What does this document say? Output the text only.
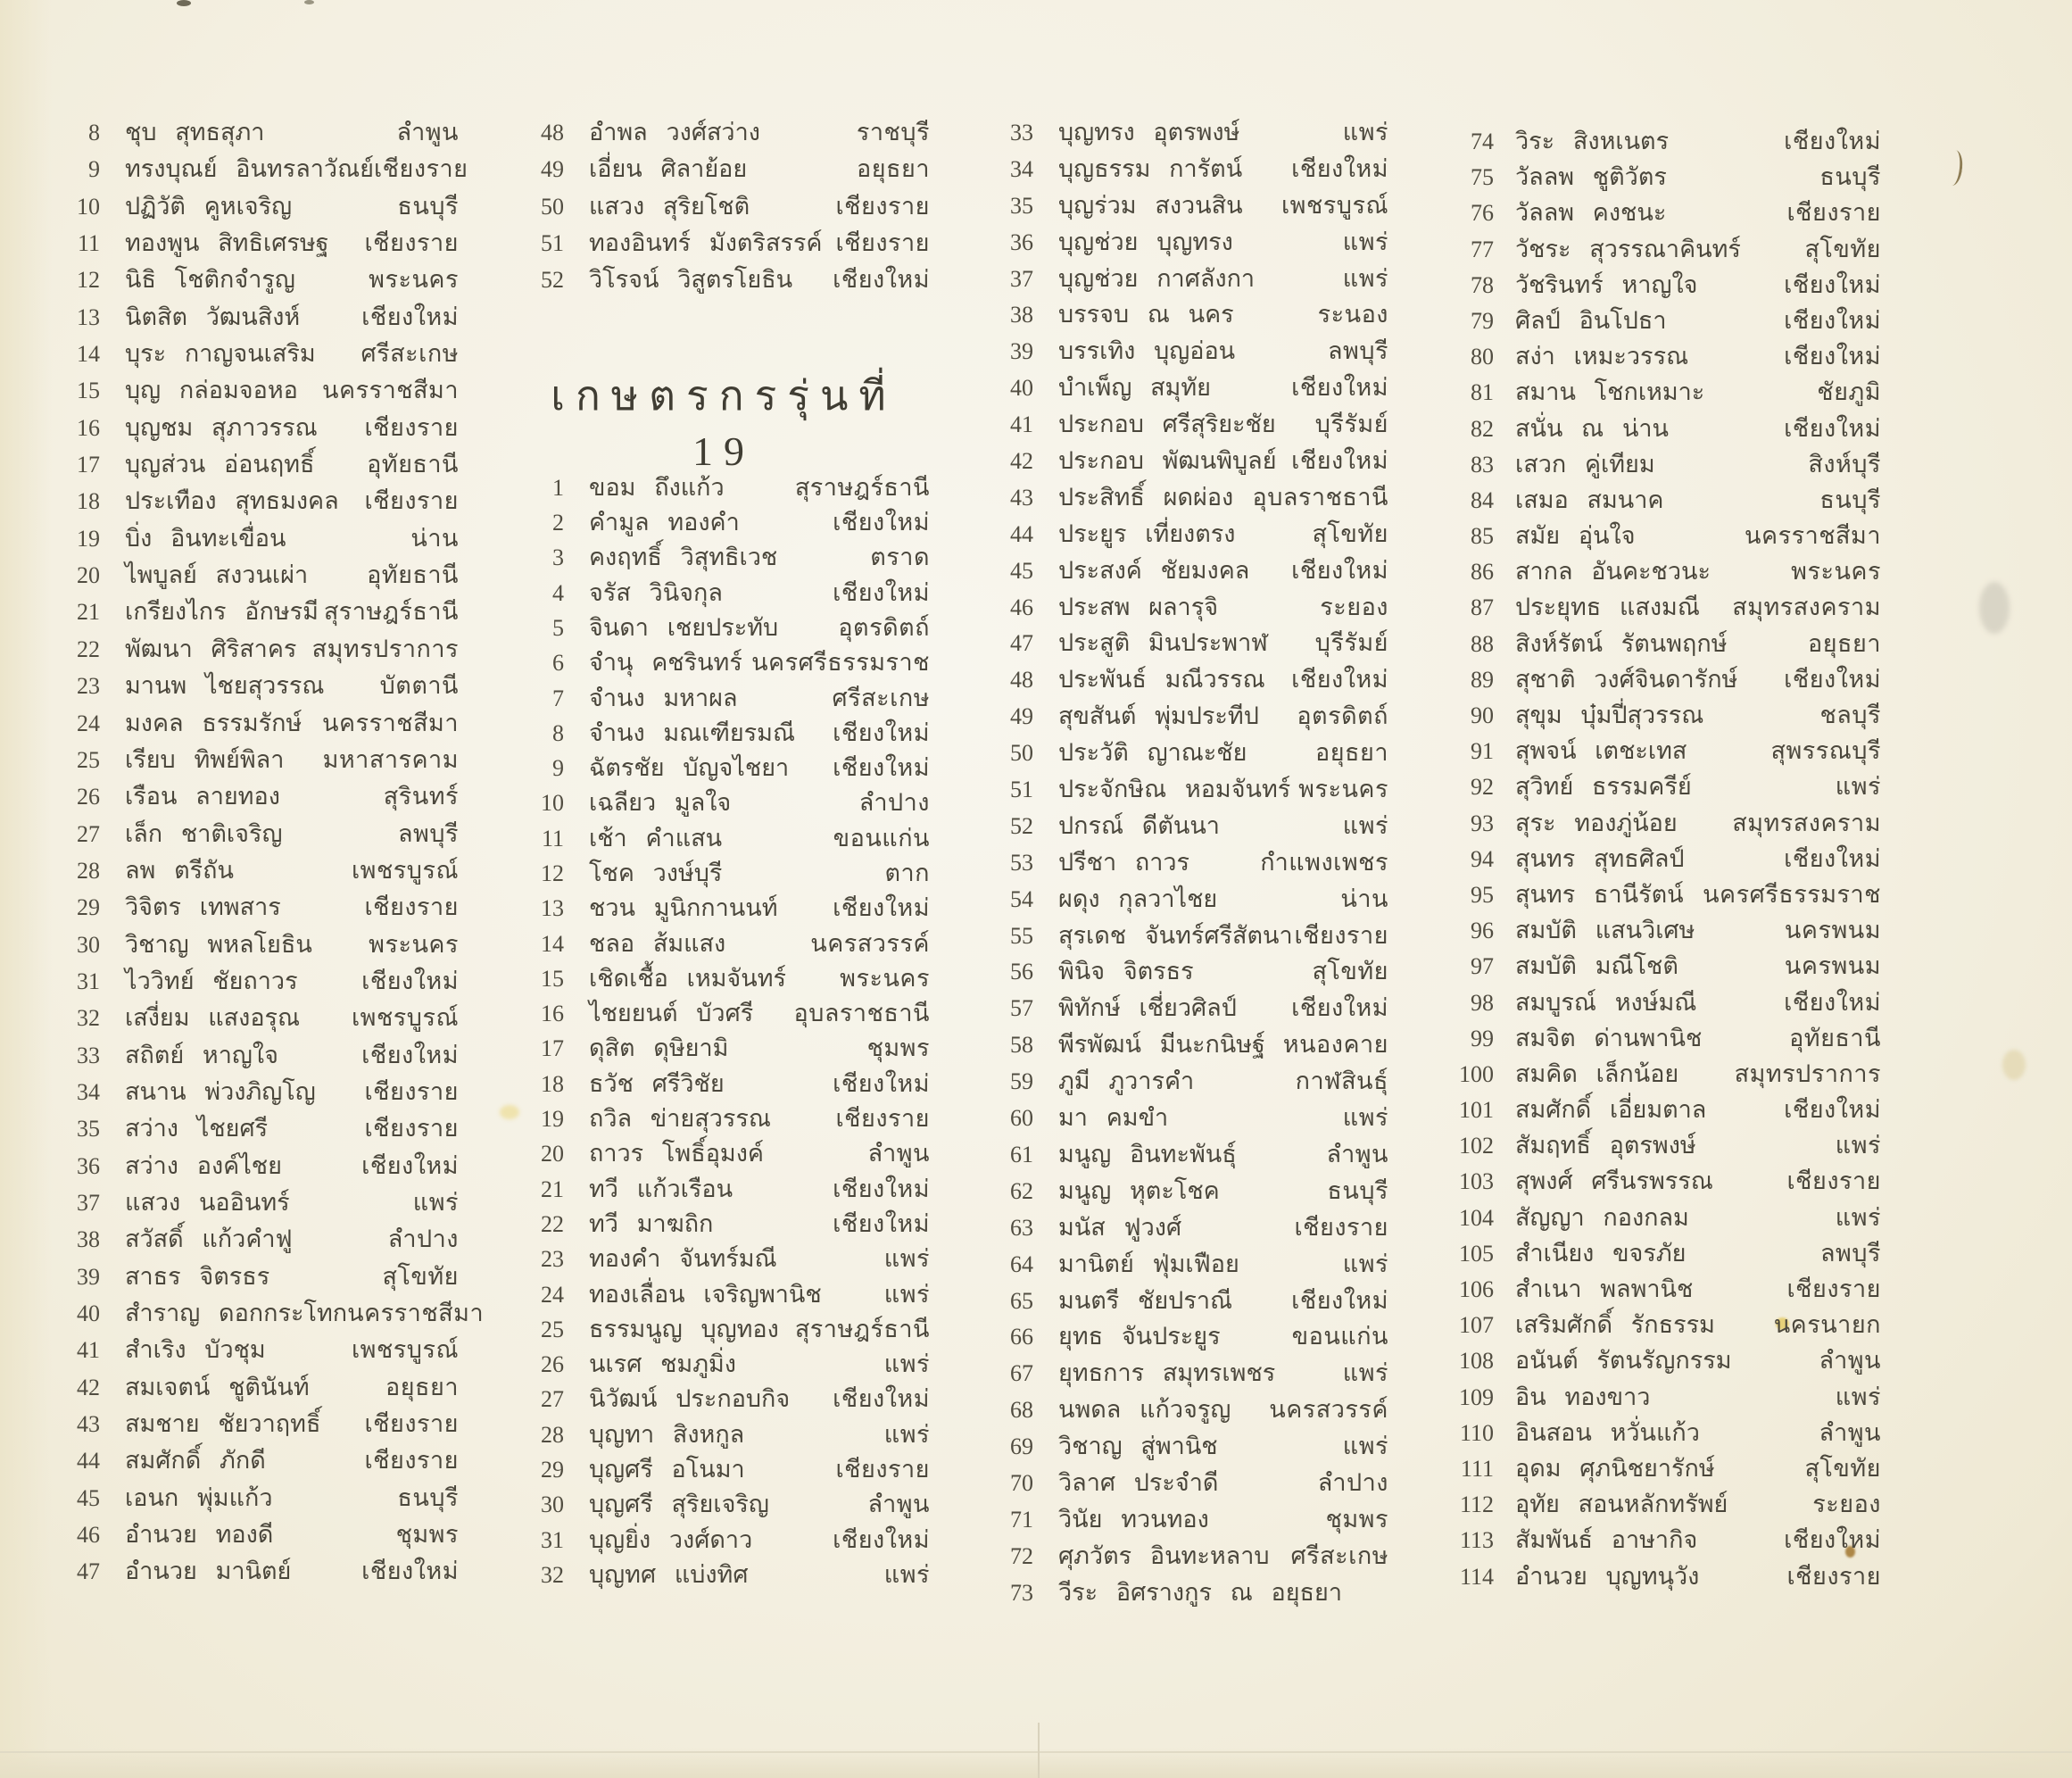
8 ชุบ สุทธสุภา	ลำพูน
9 ทรงบุณย์ อินทรลาวัณย์ เชียงราย
10 ปฏิวัติ คูหเจริญ	ธนบุรี
11 ทองพูน สิทธิเศรษฐ	เชียงราย
12 นิธิ โชติกจำรูญ	พระนคร
13 นิตสิต วัฒนสิงห์	เชียงใหม่
14 บุระ กาญจนเสริม	ศรีสะเกษ
15 บุญ กล่อมจอหอ	นครราชสีมา
16 บุญชม สุภาวรรณ	เชียงราย
17 บุญส่วน อ่อนฤทธิ์	อุทัยธานี
18 ประเทือง สุทธมงคล	เชียงราย
19 บิ่ง อินทะเขื่อน	น่าน
20 ไพบูลย์ สงวนเผ่า	อุทัยธานี
21 เกรียงไกร อักษรมี สุราษฎร์ธานี
22 พัฒนา ศิริสาคร สมุทรปราการ
23 มานพ ไชยสุวรรณ	บัตตานี
24 มงคล ธรรมรักษ์ นครราชสีมา
25 เรียบ ทิพย์พิลา	มหาสารคาม
26 เรือน ลายทอง	สุรินทร์
27 เล็ก ชาติเจริญ	ลพบุรี
28 ลพ ตรีถัน	เพชรบูรณ์
29 วิจิตร เทพสาร	เชียงราย
30 วิชาญ พหลโยธิน	พระนคร
31 ไววิทย์ ชัยถาวร	เชียงใหม่
32 เสงี่ยม แสงอรุณ	เพชรบูรณ์
33 สถิตย์ หาญใจ	เชียงใหม่
34 สนาน พ่วงภิญโญ	เชียงราย
35 สว่าง ไชยศรี	เชียงราย
36 สว่าง องค์ไชย	เชียงใหม่
37 แสวง นออินทร์	แพร่
38 สวัสดิ์ แก้วคำฟู	ลำปาง
39 สาธร จิตรธร	สุโขทัย
40 สำราญ ดอกกระโทก นครราชสีมา
41 สำเริง บัวชุม	เพชรบูรณ์
42 สมเจตน์ ชูตินันท์	อยุธยา
43 สมชาย ชัยวาฤทธิ์	เชียงราย
44 สมศักดิ์ ภักดี	เชียงราย
45 เอนก พุ่มแก้ว	ธนบุรี
46 อำนวย ทองดี	ชุมพร
47 อำนวย มานิตย์	เชียงใหม่
48 อำพล วงศ์สว่าง	ราชบุรี
49 เอี่ยน ศิลาย้อย	อยุธยา
50 แสวง สุริยโชติ	เชียงราย
51 ทองอินทร์ มังตริสรรค์ เชียงราย
52 วิโรจน์ วิสูตรโยธิน	เชียงใหม่
เกษตรกรรุ่นที่ 19
1 ขอม ถึงแก้ว	สุราษฎร์ธานี
2 คำมูล ทองคำ	เชียงใหม่
3 คงฤทธิ์ วิสุทธิเวช	ตราด
4 จรัส วินิจกุล	เชียงใหม่
5 จินดา เชยประทับ	อุตรดิตถ์
6 จำนุ คชรินทร์ นครศรีธรรมราช
7 จำนง มหาผล	ศรีสะเกษ
8 จำนง มณเฑียรมณี	เชียงใหม่
9 ฉัตรชัย บัญจไชยา	เชียงใหม่
10 เฉลียว มูลใจ	ลำปาง
11 เช้า คำแสน	ขอนแก่น
12 โชค วงษ์บุรี	ตาก
13 ชวน มูนิกกานนท์	เชียงใหม่
14 ชลอ ส้มแสง	นครสวรรค์
15 เชิดเชื้อ เหมจันทร์	พระนคร
16 ไชยยนต์ บัวศรี	อุบลราชธานี
17 ดุสิต ดุษิยามิ	ชุมพร
18 ธวัช ศรีวิชัย	เชียงใหม่
19 ถวิล ข่ายสุวรรณ	เชียงราย
20 ถาวร โพธิ์อุมงค์	ลำพูน
21 ทวี แก้วเรือน	เชียงใหม่
22 ทวี มาฆถิก	เชียงใหม่
23 ทองคำ จันทร์มณี	แพร่
24 ทองเลื่อน เจริญพานิช	แพร่
25 ธรรมนูญ บุญทอง สุราษฎร์ธานี
26 นเรศ ชมภูมิ่ง	แพร่
27 นิวัฒน์ ประกอบกิจ	เชียงใหม่
28 บุญทา สิงหกูล	แพร่
29 บุญศรี อโนมา	เชียงราย
30 บุญศรี สุริยเจริญ	ลำพูน
31 บุญยิ่ง วงศ์ดาว	เชียงใหม่
32 บุญทศ แบ่งทิศ	แพร่
33 บุญทรง อุตรพงษ์	แพร่
34 บุญธรรม การัตน์	เชียงใหม่
35 บุญร่วม สงวนสิน	เพชรบูรณ์
36 บุญช่วย บุญทรง	แพร่
37 บุญช่วย กาศลังกา	แพร่
38 บรรจบ ณ นคร	ระนอง
39 บรรเทิง บุญอ่อน	ลพบุรี
40 บำเพ็ญ สมุทัย	เชียงใหม่
41 ประกอบ ศรีสุริยะชัย	บุรีรัมย์
42 ประกอบ พัฒนพิบูลย์ เชียงใหม่
43 ประสิทธิ์ ผดผ่อง อุบลราชธานี
44 ประยูร เที่ยงตรง	สุโขทัย
45 ประสงค์ ชัยมงคล	เชียงใหม่
46 ประสพ ผลารุจิ	ระยอง
47 ประสูติ มินประพาฬ	บุรีรัมย์
48 ประพันธ์ มณีวรรณ	เชียงใหม่
49 สุขสันต์ พุ่มประทีป	อุตรดิตถ์
50 ประวัติ ญาณะชัย	อยุธยา
51 ประจักษิณ หอมจันทร์ พระนคร
52 ปกรณ์ ดีตันนา	แพร่
53 ปรีชา ถาวร	กำแพงเพชร
54 ผดุง กุลวาไชย	น่าน
55 สุรเดช จันทร์ศรีสัตนา เชียงราย
56 พินิจ จิตรธร	สุโขทัย
57 พิทักษ์ เชี่ยวศิลป์	เชียงใหม่
58 พีรพัฒน์ มีนะกนิษฐ์ หนองคาย
59 ภูมี ภูวารคำ	กาฬสินธุ์
60 มา คมขำ	แพร่
61 มนูญ อินทะพันธุ์	ลำพูน
62 มนูญ หุตะโชค	ธนบุรี
63 มนัส ฟูวงศ์	เชียงราย
64 มานิตย์ ฟุ่มเฟือย	แพร่
65 มนตรี ชัยปราณี	เชียงใหม่
66 ยุทธ จันประยูร	ขอนแก่น
67 ยุทธการ สมุทรเพชร	แพร่
68 นพดล แก้วจรูญ	นครสวรรค์
69 วิชาญ สู่พานิช	แพร่
70 วิลาศ ประจำดี	ลำปาง
71 วินัย ทวนทอง	ชุมพร
72 ศุภวัตร อินทะหลาบ ศรีสะเกษ
73 วีระ อิศรางกูร ณ อยุธยา
74 วิระ สิงหเนตร	เชียงใหม่
75 วัลลพ ชูติวัตร	ธนบุรี
76 วัลลพ คงชนะ	เชียงราย
77 วัชระ สุวรรณาคินทร์	สุโขทัย
78 วัชรินทร์ หาญใจ	เชียงใหม่
79 ศิลป์ อินโปธา	เชียงใหม่
80 สง่า เหมะวรรณ	เชียงใหม่
81 สมาน โชกเหมาะ	ชัยภูมิ
82 สนั่น ณ น่าน	เชียงใหม่
83 เสวก คู่เทียม	สิงห์บุรี
84 เสมอ สมนาค	ธนบุรี
85 สมัย อุ่นใจ	นครราชสีมา
86 สากล อันคะชวนะ	พระนคร
87 ประยุทธ แสงมณี	สมุทรสงคราม
88 สิงห์รัตน์ รัตนพฤกษ์	อยุธยา
89 สุชาติ วงศ์จินดารักษ์	เชียงใหม่
90 สุขุม บุ๋มปี่สุวรรณ	ชลบุรี
91 สุพจน์ เตชะเทส	สุพรรณบุรี
92 สุวิทย์ ธรรมครีย์	แพร่
93 สุระ ทองภู่น้อย	สมุทรสงคราม
94 สุนทร สุทธศิลป์	เชียงใหม่
95 สุนทร ธานีรัตน์ นครศรีธรรมราช
96 สมบัติ แสนวิเศษ	นครพนม
97 สมบัติ มณีโชติ	นครพนม
98 สมบูรณ์ หงษ์มณี	เชียงใหม่
99 สมจิต ด่านพานิช	อุทัยธานี
100 สมคิด เล็กน้อย	สมุทรปราการ
101 สมศักดิ์ เอี่ยมตาล	เชียงใหม่
102 สัมฤทธิ์ อุตรพงษ์	แพร่
103 สุพงศ์ ศรีนรพรรณ	เชียงราย
104 สัญญา กองกลม	แพร่
105 สำเนียง ขจรภัย	ลพบุรี
106 สำเนา พลพานิช	เชียงราย
107 เสริมศักดิ์ รักธรรม	นครนายก
108 อนันต์ รัตนรัญกรรม	ลำพูน
109 อิน ทองขาว	แพร่
110 อินสอน หวั่นแก้ว	ลำพูน
111 อุดม ศุภนิชยารักษ์	สุโขทัย
112 อุทัย สอนหลักทรัพย์	ระยอง
113 สัมพันธ์ อาษากิจ	เชียงใหม่
114 อำนวย บุญทนุวัง	เชียงราย
